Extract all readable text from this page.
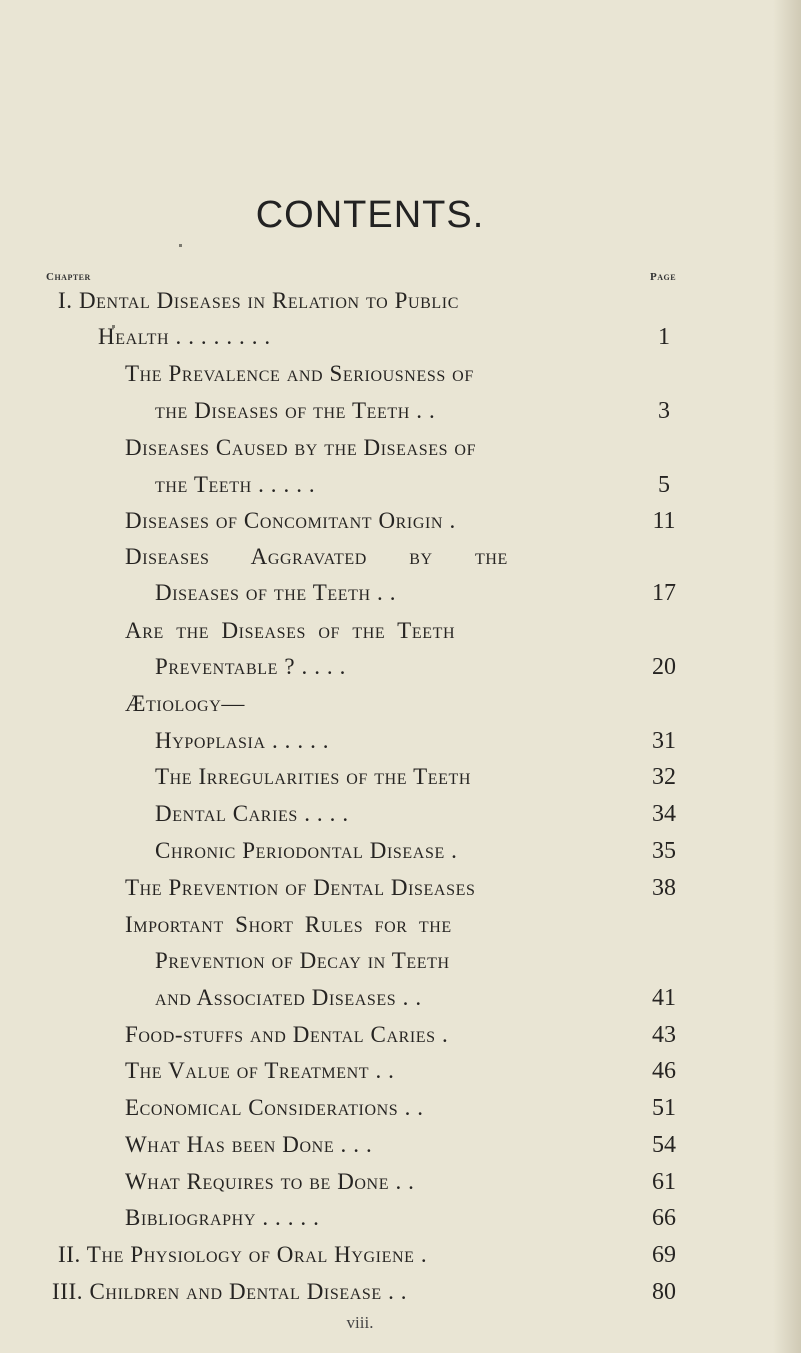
CONTENTS.
Chapter	Page
I. Dental Diseases in Relation to Public
Health . . . . . . . .	1
The Prevalence and Seriousness of
the Diseases of the Teeth . .	3
Diseases Caused by the Diseases of
the Teeth . . . . .	5
Diseases of Concomitant Origin .	11
Diseases Aggravated by the
Diseases of the Teeth . .	17
Are the Diseases of the Teeth
Preventable ? . . . .	20
Ætiology—
Hypoplasia . . . . .	31
The Irregularities of the Teeth	32
Dental Caries . . . .	34
Chronic Periodontal Disease .	35
The Prevention of Dental Diseases	38
Important Short Rules for the
Prevention of Decay in Teeth
and Associated Diseases . .	41
Food-stuffs and Dental Caries .	43
The Value of Treatment . .	46
Economical Considerations . .	51
What Has been Done . . .	54
What Requires to be Done . .	61
Bibliography . . . . .	66
II. The Physiology of Oral Hygiene .	69
III. Children and Dental Disease . .	80
viii.
